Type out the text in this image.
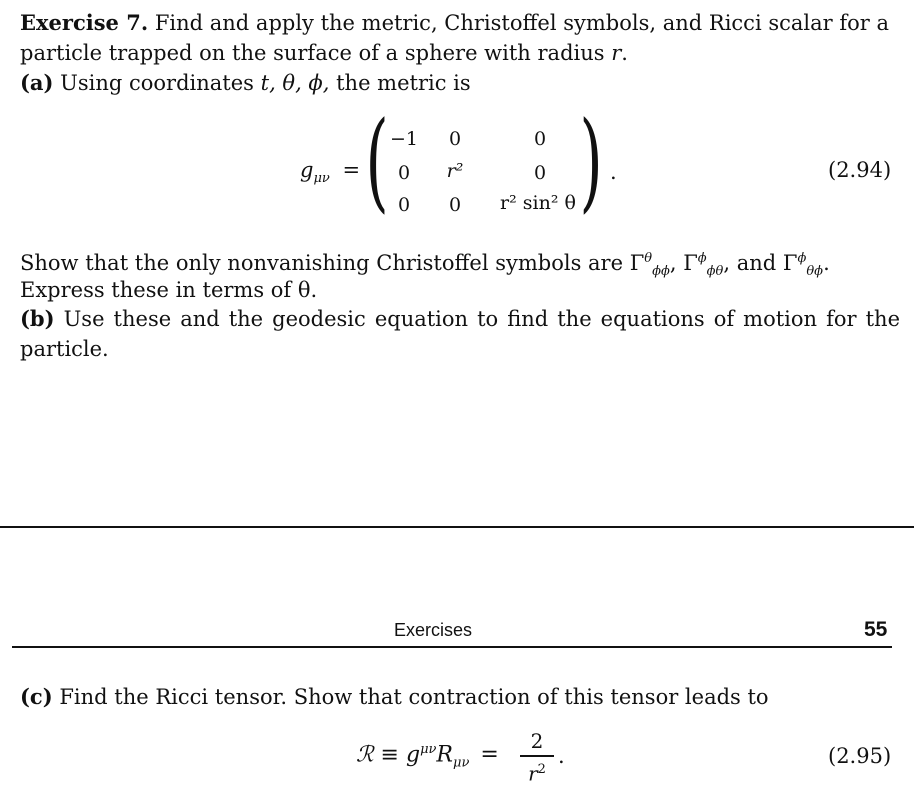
Exercise 7. Find and apply the metric, Christoffel symbols, and Ricci scalar for a particle trapped on the surface of a sphere with radius r.
(a) Using coordinates t, θ, ϕ, the metric is
$g_{\mu\nu}$ = ( )
−1	0	0
0	r²	0
0	0	r² sin² θ
.	(2.94)
Show that the only nonvanishing Christoffel symbols are $\Gamma^\theta_{\phi\phi}$, $\Gamma^\phi_{\phi\theta}$, and $\Gamma^\phi_{\theta\phi}$.
Express these in terms of θ.
(b) Use these and the geodesic equation to find the equations of motion for the particle.
Exercises	55
(c) Find the Ricci tensor. Show that contraction of this tensor leads to
ℛ ≡ $g^{\mu\nu}R_{\mu\nu}$ =
2
$r^2$
.	(2.95)
